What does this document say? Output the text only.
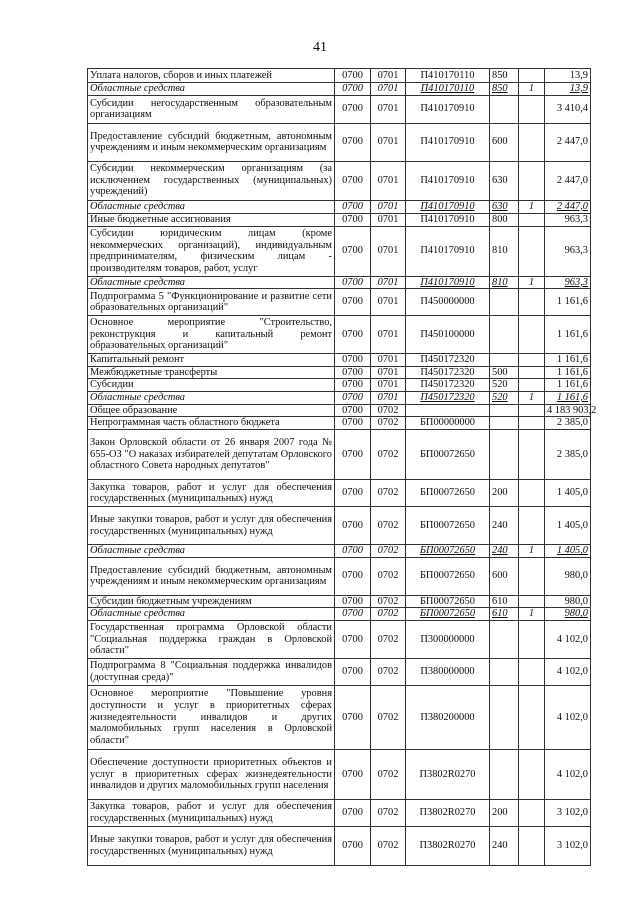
41
Уплата налогов, сборов и иных платежей	0700	0701	П410170110	850		13,9
Областные средства	0700	0701	П410170110	850	1	13,9
Субсидии негосударственным образовательным организациям	0700	0701	П410170910			3 410,4
Предоставление субсидий бюджетным, автономным учреждениям и иным некоммерческим организациям	0700	0701	П410170910	600		2 447,0
Субсидии некоммерческим организациям (за исключением государственных (муниципальных) учреждений)	0700	0701	П410170910	630		2 447,0
Областные средства	0700	0701	П410170910	630	1	2 447,0
Иные бюджетные ассигнования	0700	0701	П410170910	800		963,3
Субсидии юридическим лицам (кроме некоммерческих организаций), индивидуальным предпринимателям, физическим лицам - производителям товаров, работ, услуг	0700	0701	П410170910	810		963,3
Областные средства	0700	0701	П410170910	810	1	963,3
Подпрограмма 5 "Функционирование и развитие сети образовательных организаций"	0700	0701	П450000000			1 161,6
Основное мероприятие "Строительство, реконструкция и капитальный ремонт образовательных организаций"	0700	0701	П450100000			1 161,6
Капитальный ремонт	0700	0701	П450172320			1 161,6
Межбюджетные трансферты	0700	0701	П450172320	500		1 161,6
Субсидии	0700	0701	П450172320	520		1 161,6
Областные средства	0700	0701	П450172320	520	1	1 161,6
Общее образование	0700	0702				4 183 903,2
Непрограммная часть областного бюджета	0700	0702	БП00000000			2 385,0
Закон Орловской области от 26 января 2007 года № 655-ОЗ "О наказах избирателей депутатам Орловского областного Совета народных депутатов"	0700	0702	БП00072650			2 385,0
Закупка товаров, работ и услуг для обеспечения государственных (муниципальных) нужд	0700	0702	БП00072650	200		1 405,0
Иные закупки товаров, работ и услуг для обеспечения государственных (муниципальных) нужд	0700	0702	БП00072650	240		1 405,0
Областные средства	0700	0702	БП00072650	240	1	1 405,0
Предоставление субсидий бюджетным, автономным учреждениям и иным некоммерческим организациям	0700	0702	БП00072650	600		980,0
Субсидии бюджетным учреждениям	0700	0702	БП00072650	610		980,0
Областные средства	0700	0702	БП00072650	610	1	980,0
Государственная программа Орловской области "Социальная поддержка граждан в Орловской области"	0700	0702	П300000000			4 102,0
Подпрограмма 8 "Социальная поддержка инвалидов (доступная среда)"	0700	0702	П380000000			4 102,0
Основное мероприятие "Повышение уровня доступности и услуг в приоритетных сферах жизнедеятельности инвалидов и других маломобильных групп населения в Орловской области"	0700	0702	П380200000			4 102,0
Обеспечение доступности приоритетных объектов и услуг в приоритетных сферах жизнедеятельности инвалидов и других маломобильных групп населения	0700	0702	П3802R0270			4 102,0
Закупка товаров, работ и услуг для обеспечения государственных (муниципальных) нужд	0700	0702	П3802R0270	200		3 102,0
Иные закупки товаров, работ и услуг для обеспечения государственных (муниципальных) нужд	0700	0702	П3802R0270	240		3 102,0
